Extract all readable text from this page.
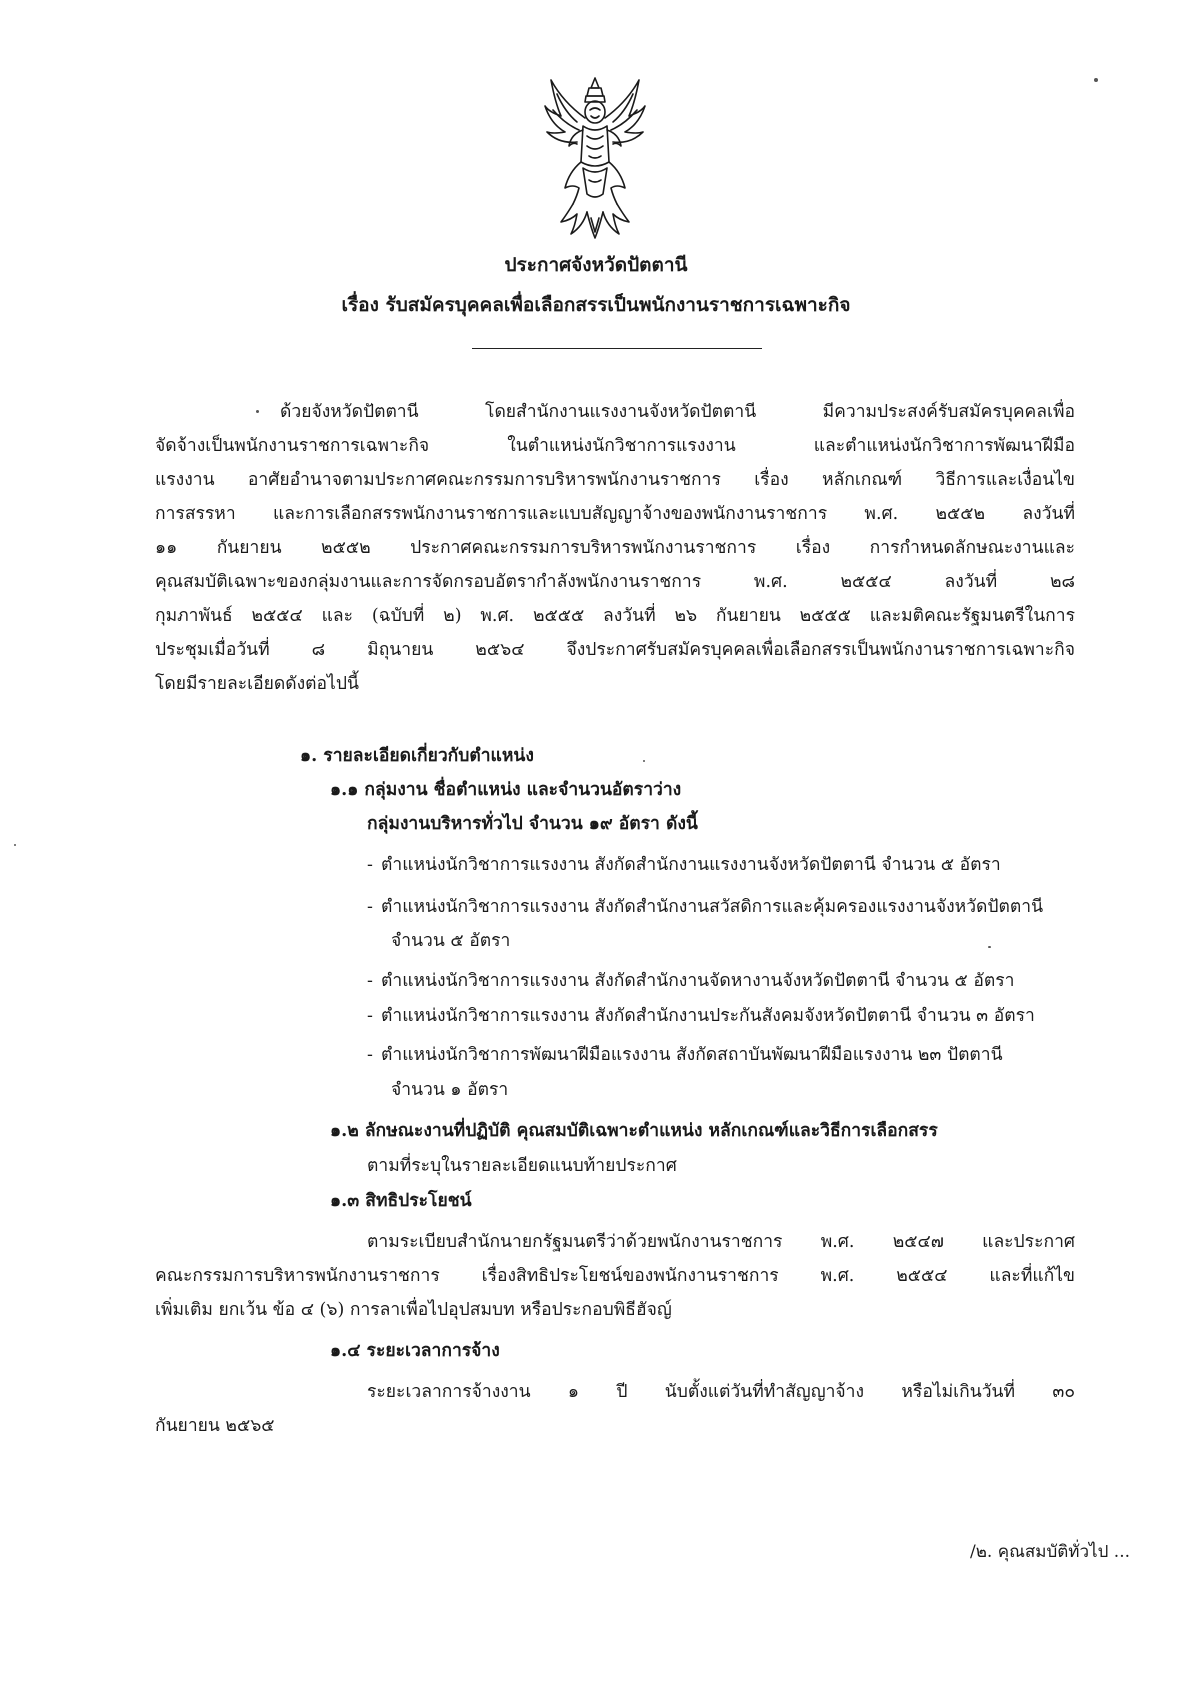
ประกาศจังหวัดปัตตานี
เรื่อง รับสมัครบุคคลเพื่อเลือกสรรเป็นพนักงานราชการเฉพาะกิจ
ด้วยจังหวัดปัตตานี โดยสำนักงานแรงงานจังหวัดปัตตานี มีความประสงค์รับสมัครบุคคลเพื่อ
จัดจ้างเป็นพนักงานราชการเฉพาะกิจ ในตำแหน่งนักวิชาการแรงงาน และตำแหน่งนักวิชาการพัฒนาฝีมือ
แรงงาน อาศัยอำนาจตามประกาศคณะกรรมการบริหารพนักงานราชการ เรื่อง หลักเกณฑ์ วิธีการและเงื่อนไข
การสรรหา และการเลือกสรรพนักงานราชการและแบบสัญญาจ้างของพนักงานราชการ พ.ศ. ๒๕๕๒ ลงวันที่
๑๑ กันยายน ๒๕๕๒ ประกาศคณะกรรมการบริหารพนักงานราชการ เรื่อง การกำหนดลักษณะงานและ
คุณสมบัติเฉพาะของกลุ่มงานและการจัดกรอบอัตรากำลังพนักงานราชการ พ.ศ. ๒๕๕๔ ลงวันที่ ๒๘
กุมภาพันธ์ ๒๕๕๔ และ (ฉบับที่ ๒) พ.ศ. ๒๕๕๕ ลงวันที่ ๒๖ กันยายน ๒๕๕๕ และมติคณะรัฐมนตรีในการ
ประชุมเมื่อวันที่ ๘ มิถุนายน ๒๕๖๔ จึงประกาศรับสมัครบุคคลเพื่อเลือกสรรเป็นพนักงานราชการเฉพาะกิจ
โดยมีรายละเอียดดังต่อไปนี้
๑. รายละเอียดเกี่ยวกับตำแหน่ง
๑.๑ กลุ่มงาน ชื่อตำแหน่ง และจำนวนอัตราว่าง
กลุ่มงานบริหารทั่วไป จำนวน ๑๙ อัตรา ดังนี้
- ตำแหน่งนักวิชาการแรงงาน สังกัดสำนักงานแรงงานจังหวัดปัตตานี จำนวน ๕ อัตรา
- ตำแหน่งนักวิชาการแรงงาน สังกัดสำนักงานสวัสดิการและคุ้มครองแรงงานจังหวัดปัตตานี
จำนวน ๕ อัตรา
- ตำแหน่งนักวิชาการแรงงาน สังกัดสำนักงานจัดหางานจังหวัดปัตตานี จำนวน ๕ อัตรา
- ตำแหน่งนักวิชาการแรงงาน สังกัดสำนักงานประกันสังคมจังหวัดปัตตานี จำนวน ๓ อัตรา
- ตำแหน่งนักวิชาการพัฒนาฝีมือแรงงาน สังกัดสถาบันพัฒนาฝีมือแรงงาน ๒๓ ปัตตานี
จำนวน ๑ อัตรา
๑.๒ ลักษณะงานที่ปฏิบัติ คุณสมบัติเฉพาะตำแหน่ง หลักเกณฑ์และวิธีการเลือกสรร
ตามที่ระบุในรายละเอียดแนบท้ายประกาศ
๑.๓ สิทธิประโยชน์
ตามระเบียบสำนักนายกรัฐมนตรีว่าด้วยพนักงานราชการ พ.ศ. ๒๕๔๗ และประกาศ
คณะกรรมการบริหารพนักงานราชการ เรื่องสิทธิประโยชน์ของพนักงานราชการ พ.ศ. ๒๕๕๔ และที่แก้ไข
เพิ่มเติม ยกเว้น ข้อ ๔ (๖) การลาเพื่อไปอุปสมบท หรือประกอบพิธีฮัจญ์
๑.๔ ระยะเวลาการจ้าง
ระยะเวลาการจ้างงาน ๑ ปี นับตั้งแต่วันที่ทำสัญญาจ้าง หรือไม่เกินวันที่ ๓๐
กันยายน ๒๕๖๕
/๒. คุณสมบัติทั่วไป ...
